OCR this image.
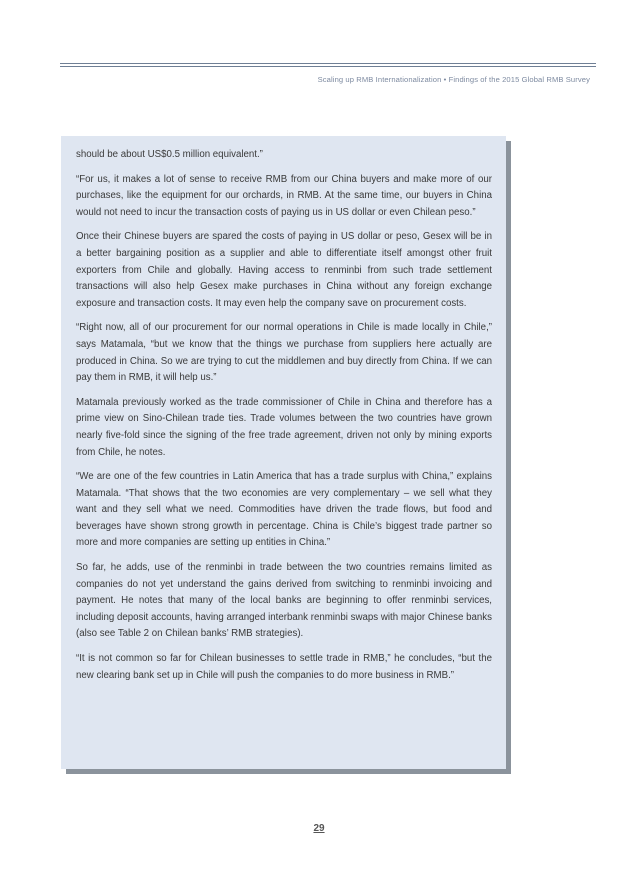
Scaling up RMB Internationalization • Findings of the 2015 Global RMB Survey

should be about US$0.5 million equivalent.”

“For us, it makes a lot of sense to receive RMB from our China buyers and make more of our purchases, like the equipment for our orchards, in RMB. At the same time, our buyers in China would not need to incur the transaction costs of paying us in US dollar or even Chilean peso.”

Once their Chinese buyers are spared the costs of paying in US dollar or peso, Gesex will be in a better bargaining position as a supplier and able to differentiate itself amongst other fruit exporters from Chile and globally. Having access to renminbi from such trade settlement transactions will also help Gesex make purchases in China without any foreign exchange exposure and transaction costs. It may even help the company save on procurement costs.

“Right now, all of our procurement for our normal operations in Chile is made locally in Chile,” says Matamala, “but we know that the things we purchase from suppliers here actually are produced in China. So we are trying to cut the middlemen and buy directly from China. If we can pay them in RMB, it will help us.”

Matamala previously worked as the trade commissioner of Chile in China and therefore has a prime view on Sino-Chilean trade ties. Trade volumes between the two countries have grown nearly five-fold since the signing of the free trade agreement, driven not only by mining exports from Chile, he notes.

“We are one of the few countries in Latin America that has a trade surplus with China,” explains Matamala. “That shows that the two economies are very complementary – we sell what they want and they sell what we need. Commodities have driven the trade flows, but food and beverages have shown strong growth in percentage. China is Chile’s biggest trade partner so more and more companies are setting up entities in China.”

So far, he adds, use of the renminbi in trade between the two countries remains limited as companies do not yet understand the gains derived from switching to renminbi invoicing and payment. He notes that many of the local banks are beginning to offer renminbi services, including deposit accounts, having arranged interbank renminbi swaps with major Chinese banks (also see Table 2 on Chilean banks’ RMB strategies).

“It is not common so far for Chilean businesses to settle trade in RMB,” he concludes, “but the new clearing bank set up in Chile will push the companies to do more business in RMB.”

29
